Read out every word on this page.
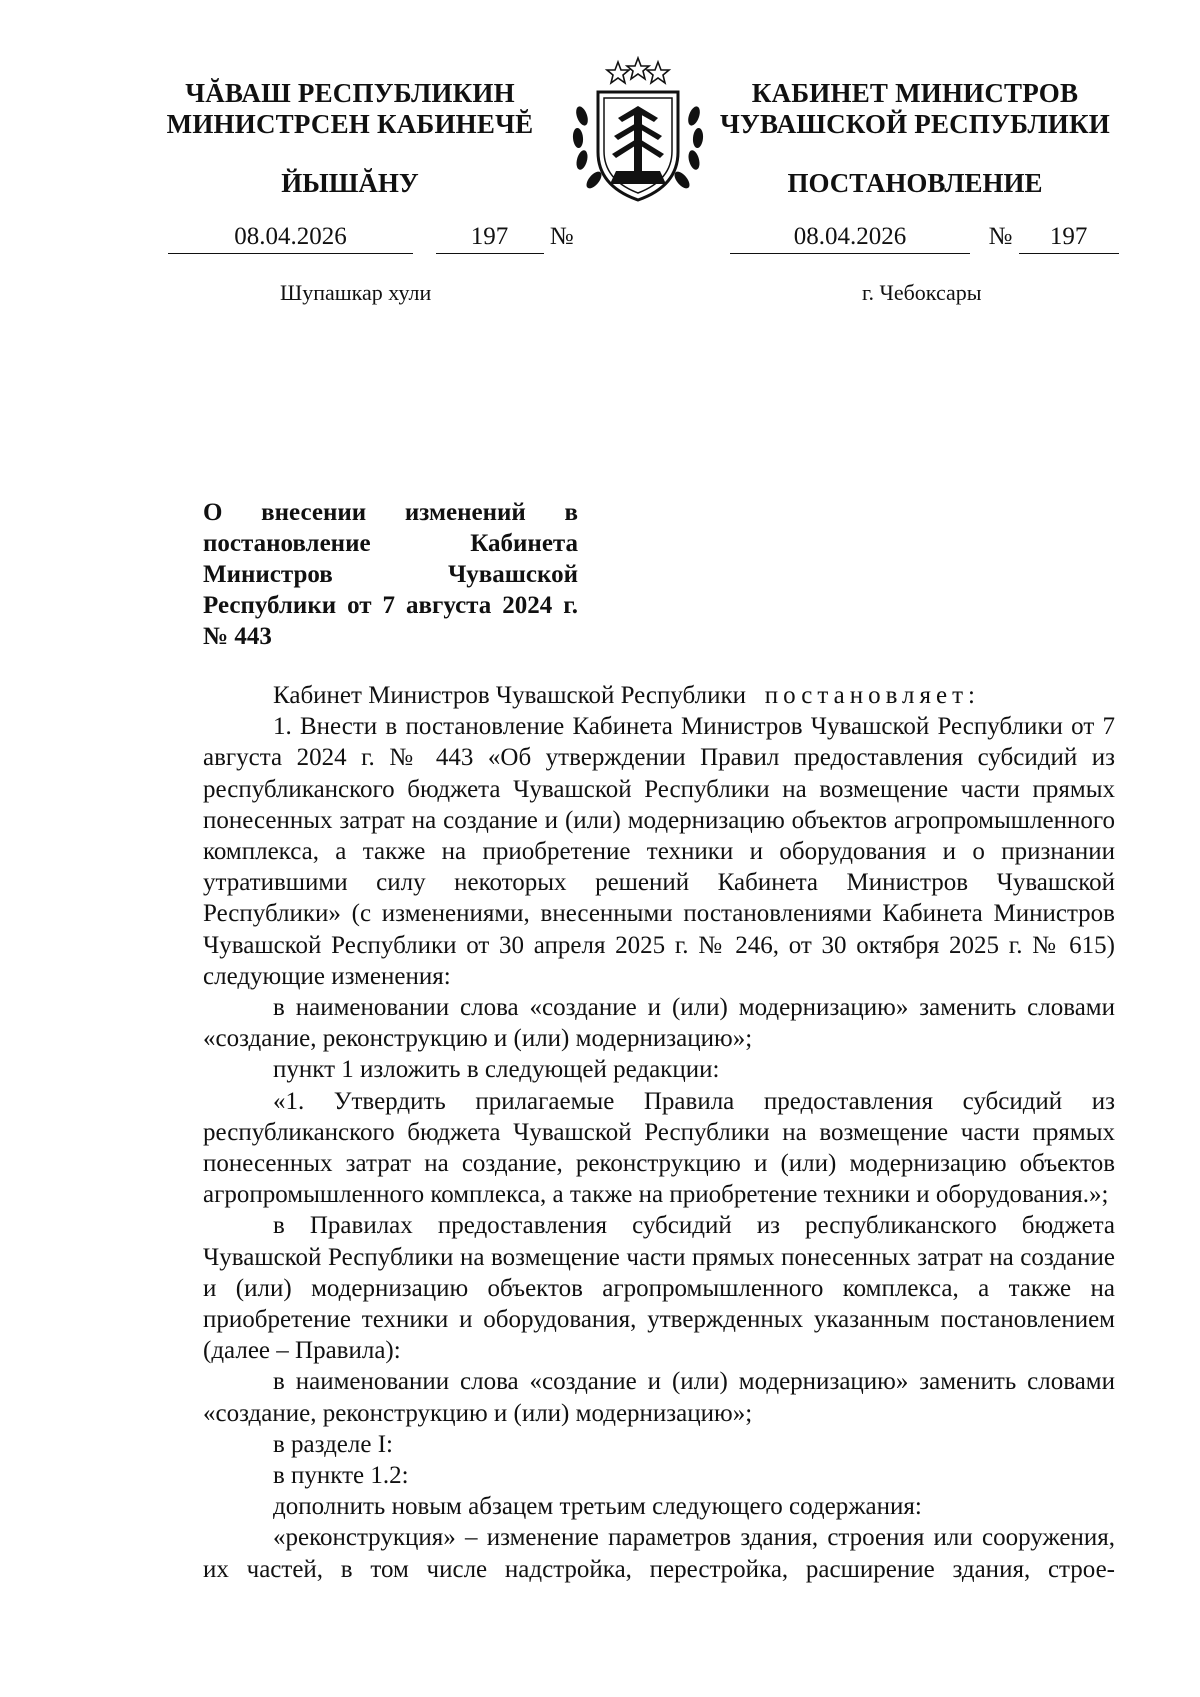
ЧĂВАШ РЕСПУБЛИКИН
МИНИСТРСЕН КАБИНЕЧĔ
ЙЫШĂНУ
КАБИНЕТ МИНИСТРОВ
ЧУВАШСКОЙ РЕСПУБЛИКИ
ПОСТАНОВЛЕНИЕ
08.04.2026	197 №	08.04.2026	№ 197
Шупашкар хули	г. Чебоксары
О внесении изменений в постановление Кабинета Министров Чувашской Республики от 7 августа 2024 г. № 443

Кабинет Министров Чувашской Республики постановляет:

1. Внести в постановление Кабинета Министров Чувашской Республики от 7 августа 2024 г. № 443 «Об утверждении Правил предоставления субсидий из республиканского бюджета Чувашской Республики на возмещение части прямых понесенных затрат на создание и (или) модернизацию объектов агропромышленного комплекса, а также на приобретение техники и оборудования и о признании утратившими силу некоторых решений Кабинета Министров Чувашской Республики» (с изменениями, внесенными постановлениями Кабинета Министров Чувашской Республики от 30 апреля 2025 г. № 246, от 30 октября 2025 г. № 615) следующие изменения:

в наименовании слова «создание и (или) модернизацию» заменить словами «создание, реконструкцию и (или) модернизацию»;

пункт 1 изложить в следующей редакции:

«1. Утвердить прилагаемые Правила предоставления субсидий из республиканского бюджета Чувашской Республики на возмещение части прямых понесенных затрат на создание, реконструкцию и (или) модернизацию объектов агропромышленного комплекса, а также на приобретение техники и оборудования.»;

в Правилах предоставления субсидий из республиканского бюджета Чувашской Республики на возмещение части прямых понесенных затрат на создание и (или) модернизацию объектов агропромышленного комплекса, а также на приобретение техники и оборудования, утвержденных указанным постановлением (далее – Правила):

в наименовании слова «создание и (или) модернизацию» заменить словами «создание, реконструкцию и (или) модернизацию»;

в разделе I:

в пункте 1.2:

дополнить новым абзацем третьим следующего содержания:

«реконструкция» – изменение параметров здания, строения или сооружения, их частей, в том числе надстройка, перестройка, расширение здания, строе-
